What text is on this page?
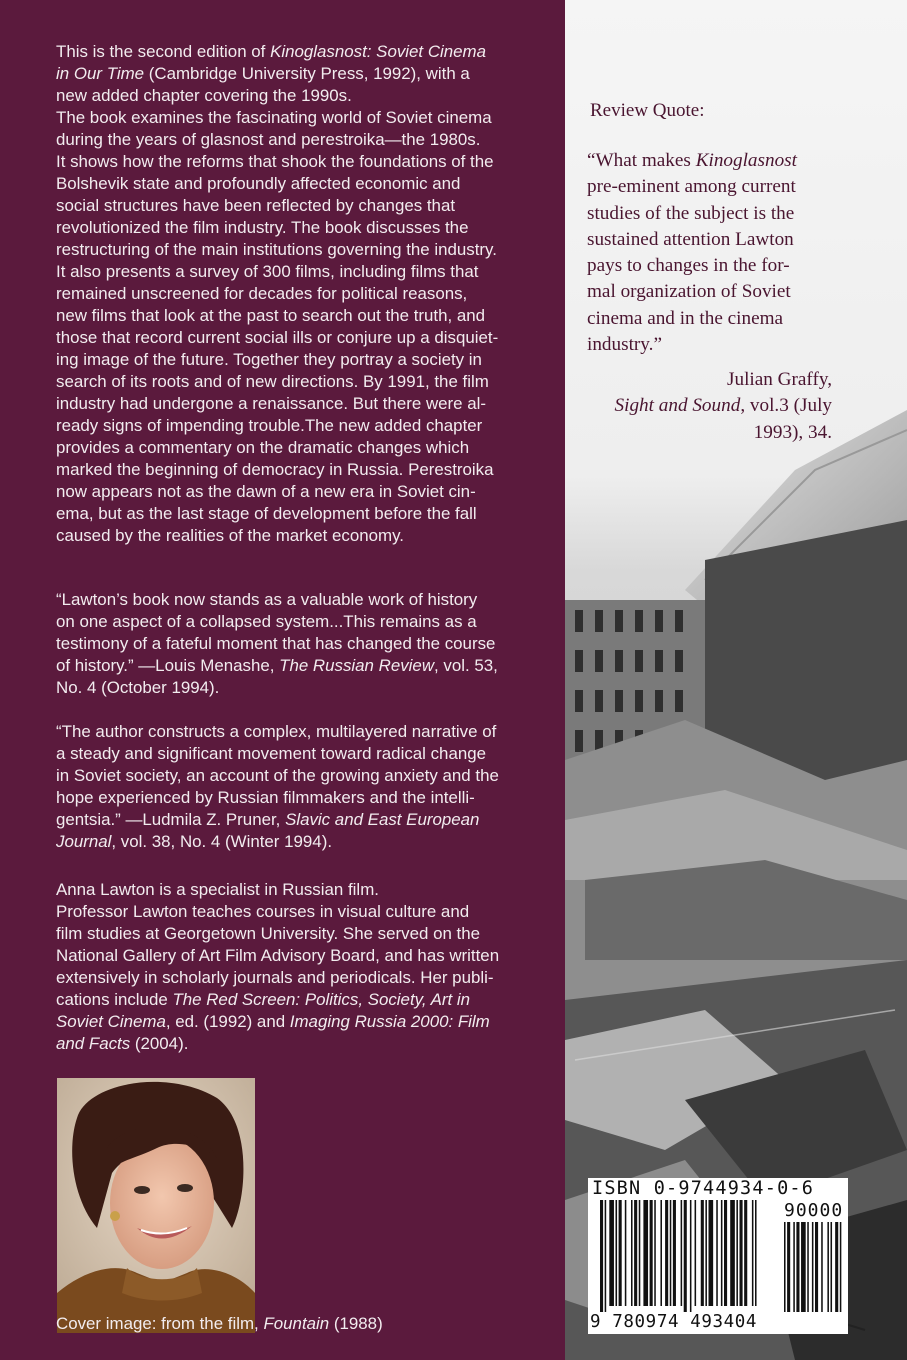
This is the second edition of Kinoglasnost: Soviet Cinema
in Our Time (Cambridge University Press, 1992), with a
new added chapter covering the 1990s.
The book examines the fascinating world of Soviet cinema
during the years of glasnost and perestroika—the 1980s.
It shows how the reforms that shook the foundations of the
Bolshevik state and profoundly affected economic and
social structures have been reflected by changes that
revolutionized the film industry. The book discusses the
restructuring of the main institutions governing the industry.
It also presents a survey of 300 films, including films that
remained unscreened for decades for political reasons,
new films that look at the past to search out the truth, and
those that record current social ills or conjure up a disquiet-
ing image of the future. Together they portray a society in
search of its roots and of new directions. By 1991, the film
industry had undergone a renaissance. But there were al-
ready signs of impending trouble.The new added chapter
provides a commentary on the dramatic changes which
marked the beginning of democracy in Russia. Perestroika
now appears not as the dawn of a new era in Soviet cin-
ema, but as the last stage of development before the fall
caused by the realities of the market economy.
“Lawton’s book now stands as a valuable work of history
on one aspect of a collapsed system...This remains as a
testimony of a fateful moment that has changed the course
of history.” —Louis Menashe, The Russian Review, vol. 53,
No. 4 (October 1994).
“The author constructs a complex, multilayered narrative of
a steady and significant movement toward radical change
in Soviet society, an account of the growing anxiety and the
hope experienced by Russian filmmakers and the intelli-
gentsia.” —Ludmila Z. Pruner, Slavic and East European
Journal, vol. 38, No. 4 (Winter 1994).
Anna Lawton is a specialist in Russian film.
Professor Lawton teaches courses in visual culture and
film studies at Georgetown University. She served on the
National Gallery of Art Film Advisory Board, and has written
extensively in scholarly journals and periodicals. Her publi-
cations include The Red Screen: Politics, Society, Art in
Soviet Cinema, ed. (1992) and Imaging Russia 2000: Film
and Facts (2004).
Cover image: from the film, Fountain (1988)
Review Quote:
“What makes Kinoglasnost
pre-eminent among current
studies of the subject is the
sustained attention Lawton
pays to changes in the for-
mal organization of Soviet
cinema and in the cinema
industry.”
Julian Graffy,
Sight and Sound, vol.3 (July
1993), 34.
ISBN 0-9744934-0-6
90000
9 780974 493404
